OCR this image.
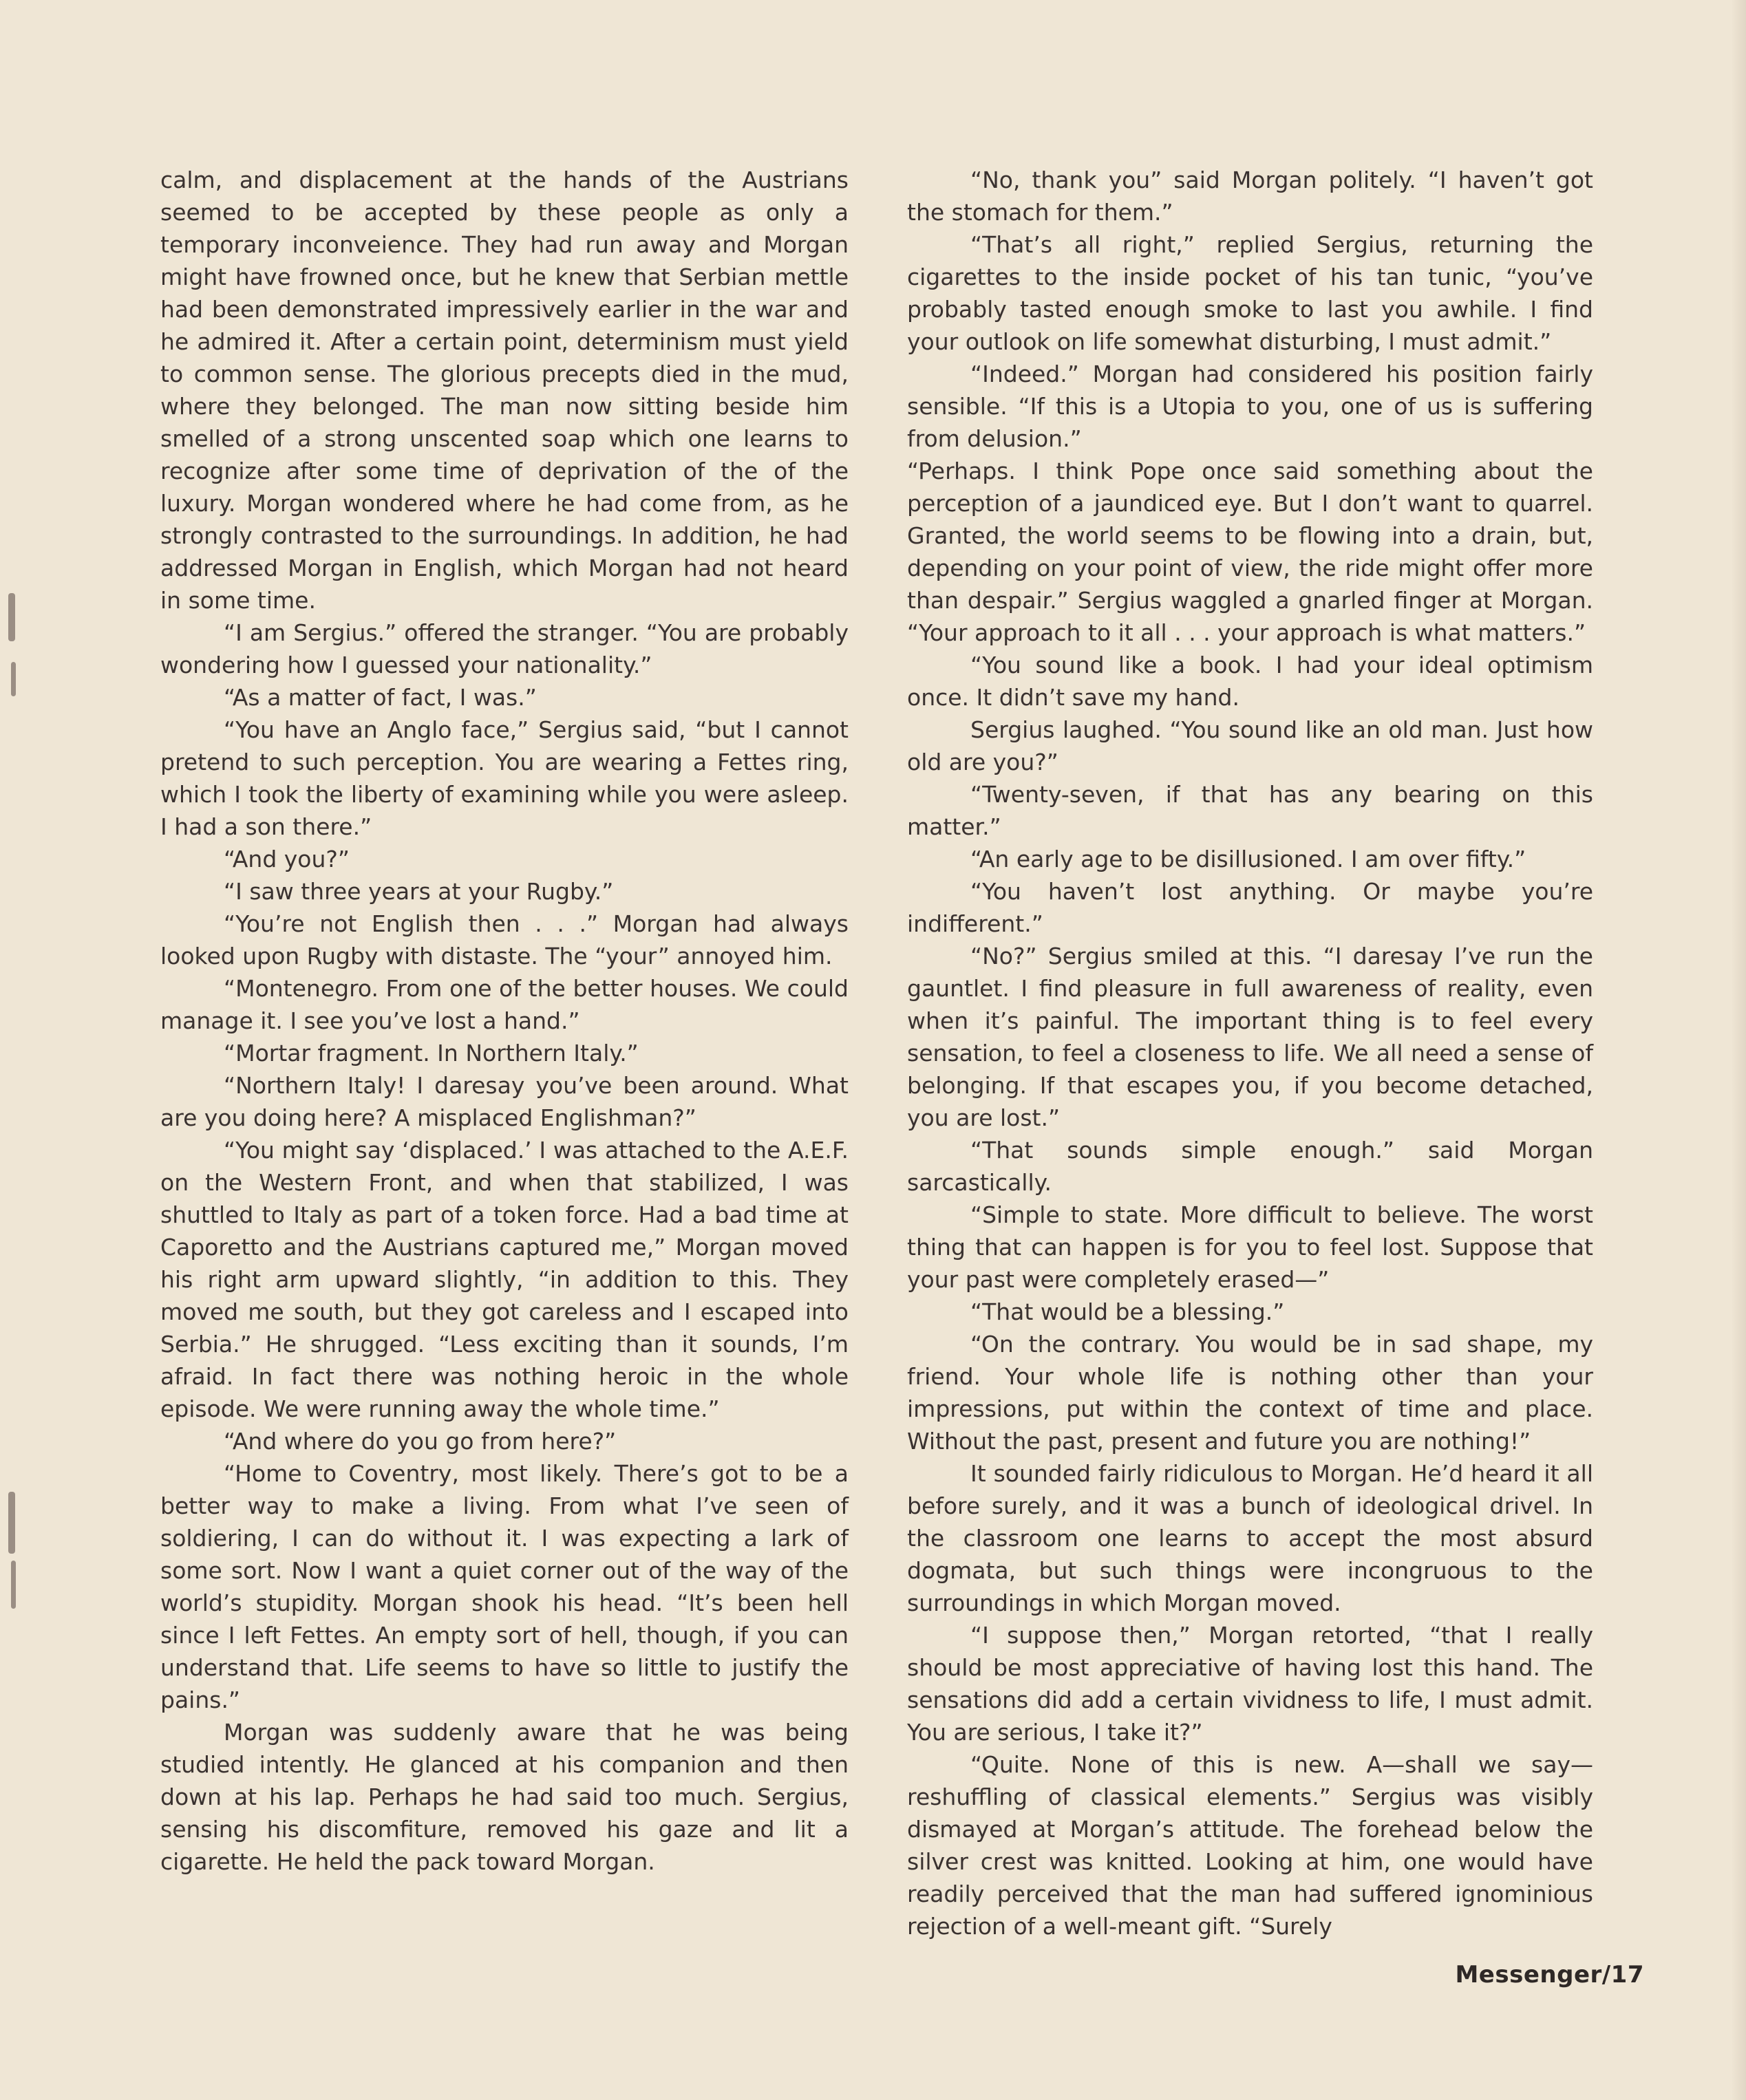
calm, and displacement at the hands of the Austrians seemed to be accepted by these people as only a temporary inconveience. They had run away and Morgan might have frowned once, but he knew that Serbian mettle had been demonstrated impressively earlier in the war and he admired it. After a certain point, determinism must yield to common sense. The glorious precepts died in the mud, where they belonged. The man now sitting beside him smelled of a strong unscented soap which one learns to recognize after some time of deprivation of the of the luxury. Morgan wondered where he had come from, as he strongly contrasted to the surroundings. In addition, he had addressed Morgan in English, which Morgan had not heard in some time.

“I am Sergius.” offered the stranger. “You are probably wondering how I guessed your nationality.”

“As a matter of fact, I was.”

“You have an Anglo face,” Sergius said, “but I cannot pretend to such perception. You are wearing a Fettes ring, which I took the liberty of examining while you were asleep. I had a son there.”

“And you?”

“I saw three years at your Rugby.”

“You’re not English then . . .” Morgan had always looked upon Rugby with distaste. The “your” annoyed him.

“Montenegro. From one of the better houses. We could manage it. I see you’ve lost a hand.”

“Mortar fragment. In Northern Italy.”

“Northern Italy! I daresay you’ve been around. What are you doing here? A misplaced Englishman?”

“You might say ‘displaced.’ I was attached to the A.E.F. on the Western Front, and when that stabilized, I was shuttled to Italy as part of a token force. Had a bad time at Caporetto and the Austrians captured me,” Morgan moved his right arm upward slightly, “in addition to this. They moved me south, but they got careless and I escaped into Serbia.” He shrugged. “Less exciting than it sounds, I’m afraid. In fact there was nothing heroic in the whole episode. We were running away the whole time.”

“And where do you go from here?”

“Home to Coventry, most likely. There’s got to be a better way to make a living. From what I’ve seen of soldiering, I can do without it. I was expecting a lark of some sort. Now I want a quiet corner out of the way of the world’s stupidity. Morgan shook his head. “It’s been hell since I left Fettes. An empty sort of hell, though, if you can understand that. Life seems to have so little to justify the pains.”

Morgan was suddenly aware that he was being studied intently. He glanced at his companion and then down at his lap. Perhaps he had said too much. Sergius, sensing his discomfiture, removed his gaze and lit a cigarette. He held the pack toward Morgan.

“No, thank you” said Morgan politely. “I haven’t got the stomach for them.”

“That’s all right,” replied Sergius, returning the cigarettes to the inside pocket of his tan tunic, “you’ve probably tasted enough smoke to last you awhile. I find your outlook on life somewhat disturbing, I must admit.”

“Indeed.” Morgan had considered his position fairly sensible. “If this is a Utopia to you, one of us is suffering from delusion.”

“Perhaps. I think Pope once said something about the perception of a jaundiced eye. But I don’t want to quarrel. Granted, the world seems to be flowing into a drain, but, depending on your point of view, the ride might offer more than despair.” Sergius waggled a gnarled finger at Morgan. “Your approach to it all . . . your approach is what matters.”

“You sound like a book. I had your ideal optimism once. It didn’t save my hand.

Sergius laughed. “You sound like an old man. Just how old are you?”

“Twenty-seven, if that has any bearing on this matter.”

“An early age to be disillusioned. I am over fifty.”

“You haven’t lost anything. Or maybe you’re indifferent.”

“No?” Sergius smiled at this. “I daresay I’ve run the gauntlet. I find pleasure in full awareness of reality, even when it’s painful. The important thing is to feel every sensation, to feel a closeness to life. We all need a sense of belonging. If that escapes you, if you become detached, you are lost.”

“That sounds simple enough.” said Morgan sarcastically.

“Simple to state. More difficult to believe. The worst thing that can happen is for you to feel lost. Suppose that your past were completely erased—”

“That would be a blessing.”

“On the contrary. You would be in sad shape, my friend. Your whole life is nothing other than your impressions, put within the context of time and place. Without the past, present and future you are nothing!”

It sounded fairly ridiculous to Morgan. He’d heard it all before surely, and it was a bunch of ideological drivel. In the classroom one learns to accept the most absurd dogmata, but such things were incongruous to the surroundings in which Morgan moved.

“I suppose then,” Morgan retorted, “that I really should be most appreciative of having lost this hand. The sensations did add a certain vividness to life, I must admit. You are serious, I take it?”

“Quite. None of this is new. A—shall we say—reshuffling of classical elements.” Sergius was visibly dismayed at Morgan’s attitude. The forehead below the silver crest was knitted. Looking at him, one would have readily perceived that the man had suffered ignominious rejection of a well-meant gift. “Surely

Messenger/17
